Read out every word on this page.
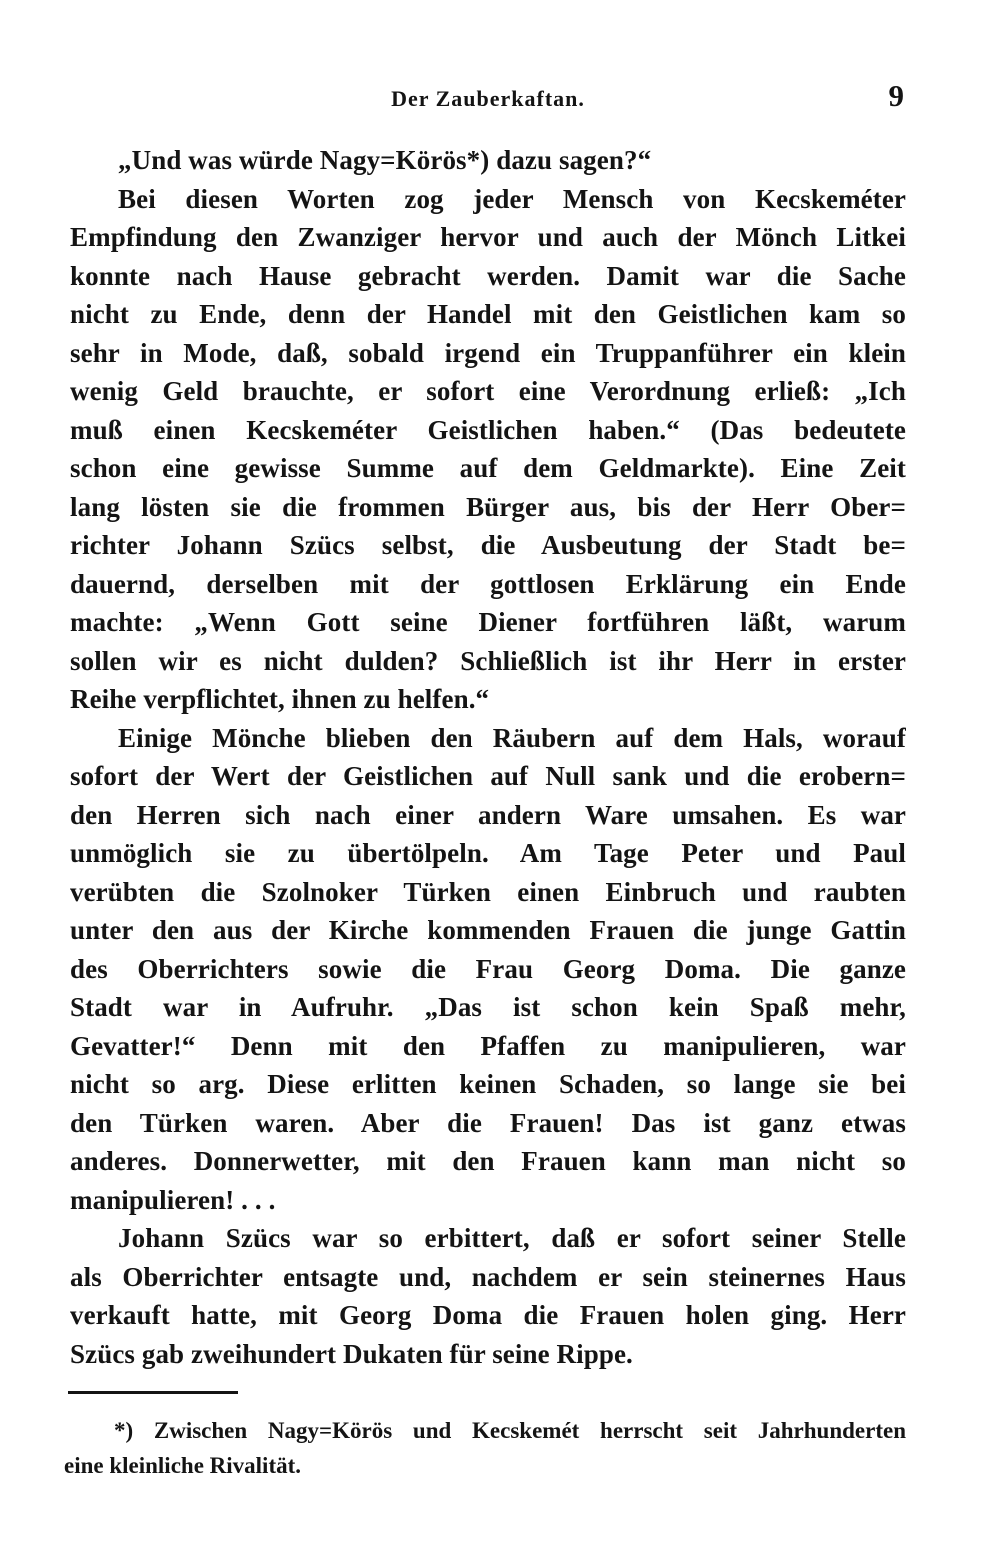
Der Zauberkaftan.	9
„Und was würde Nagy=Körös*) dazu sagen?“
Bei diesen Worten zog jeder Mensch von Kecskeméter
Empfindung den Zwanziger hervor und auch der Mönch Litkei
konnte nach Hause gebracht werden. Damit war die Sache
nicht zu Ende, denn der Handel mit den Geistlichen kam so
sehr in Mode, daß, sobald irgend ein Truppanführer ein klein
wenig Geld brauchte, er sofort eine Verordnung erließ: „Ich
muß einen Kecskeméter Geistlichen haben.“ (Das bedeutete
schon eine gewisse Summe auf dem Geldmarkte). Eine Zeit
lang lösten sie die frommen Bürger aus, bis der Herr Ober=
richter Johann Szücs selbst, die Ausbeutung der Stadt be=
dauernd, derselben mit der gottlosen Erklärung ein Ende
machte: „Wenn Gott seine Diener fortführen läßt, warum
sollen wir es nicht dulden? Schließlich ist ihr Herr in erster
Reihe verpflichtet, ihnen zu helfen.“
Einige Mönche blieben den Räubern auf dem Hals, worauf
sofort der Wert der Geistlichen auf Null sank und die erobern=
den Herren sich nach einer andern Ware umsahen. Es war
unmöglich sie zu übertölpeln. Am Tage Peter und Paul
verübten die Szolnoker Türken einen Einbruch und raubten
unter den aus der Kirche kommenden Frauen die junge Gattin
des Oberrichters sowie die Frau Georg Doma. Die ganze
Stadt war in Aufruhr. „Das ist schon kein Spaß mehr,
Gevatter!“ Denn mit den Pfaffen zu manipulieren, war
nicht so arg. Diese erlitten keinen Schaden, so lange sie bei
den Türken waren. Aber die Frauen! Das ist ganz etwas
anderes. Donnerwetter, mit den Frauen kann man nicht so
manipulieren! . . .
Johann Szücs war so erbittert, daß er sofort seiner Stelle
als Oberrichter entsagte und, nachdem er sein steinernes Haus
verkauft hatte, mit Georg Doma die Frauen holen ging. Herr
Szücs gab zweihundert Dukaten für seine Rippe.
*) Zwischen Nagy=Körös und Kecskemét herrscht seit Jahrhunderten
eine kleinliche Rivalität.
